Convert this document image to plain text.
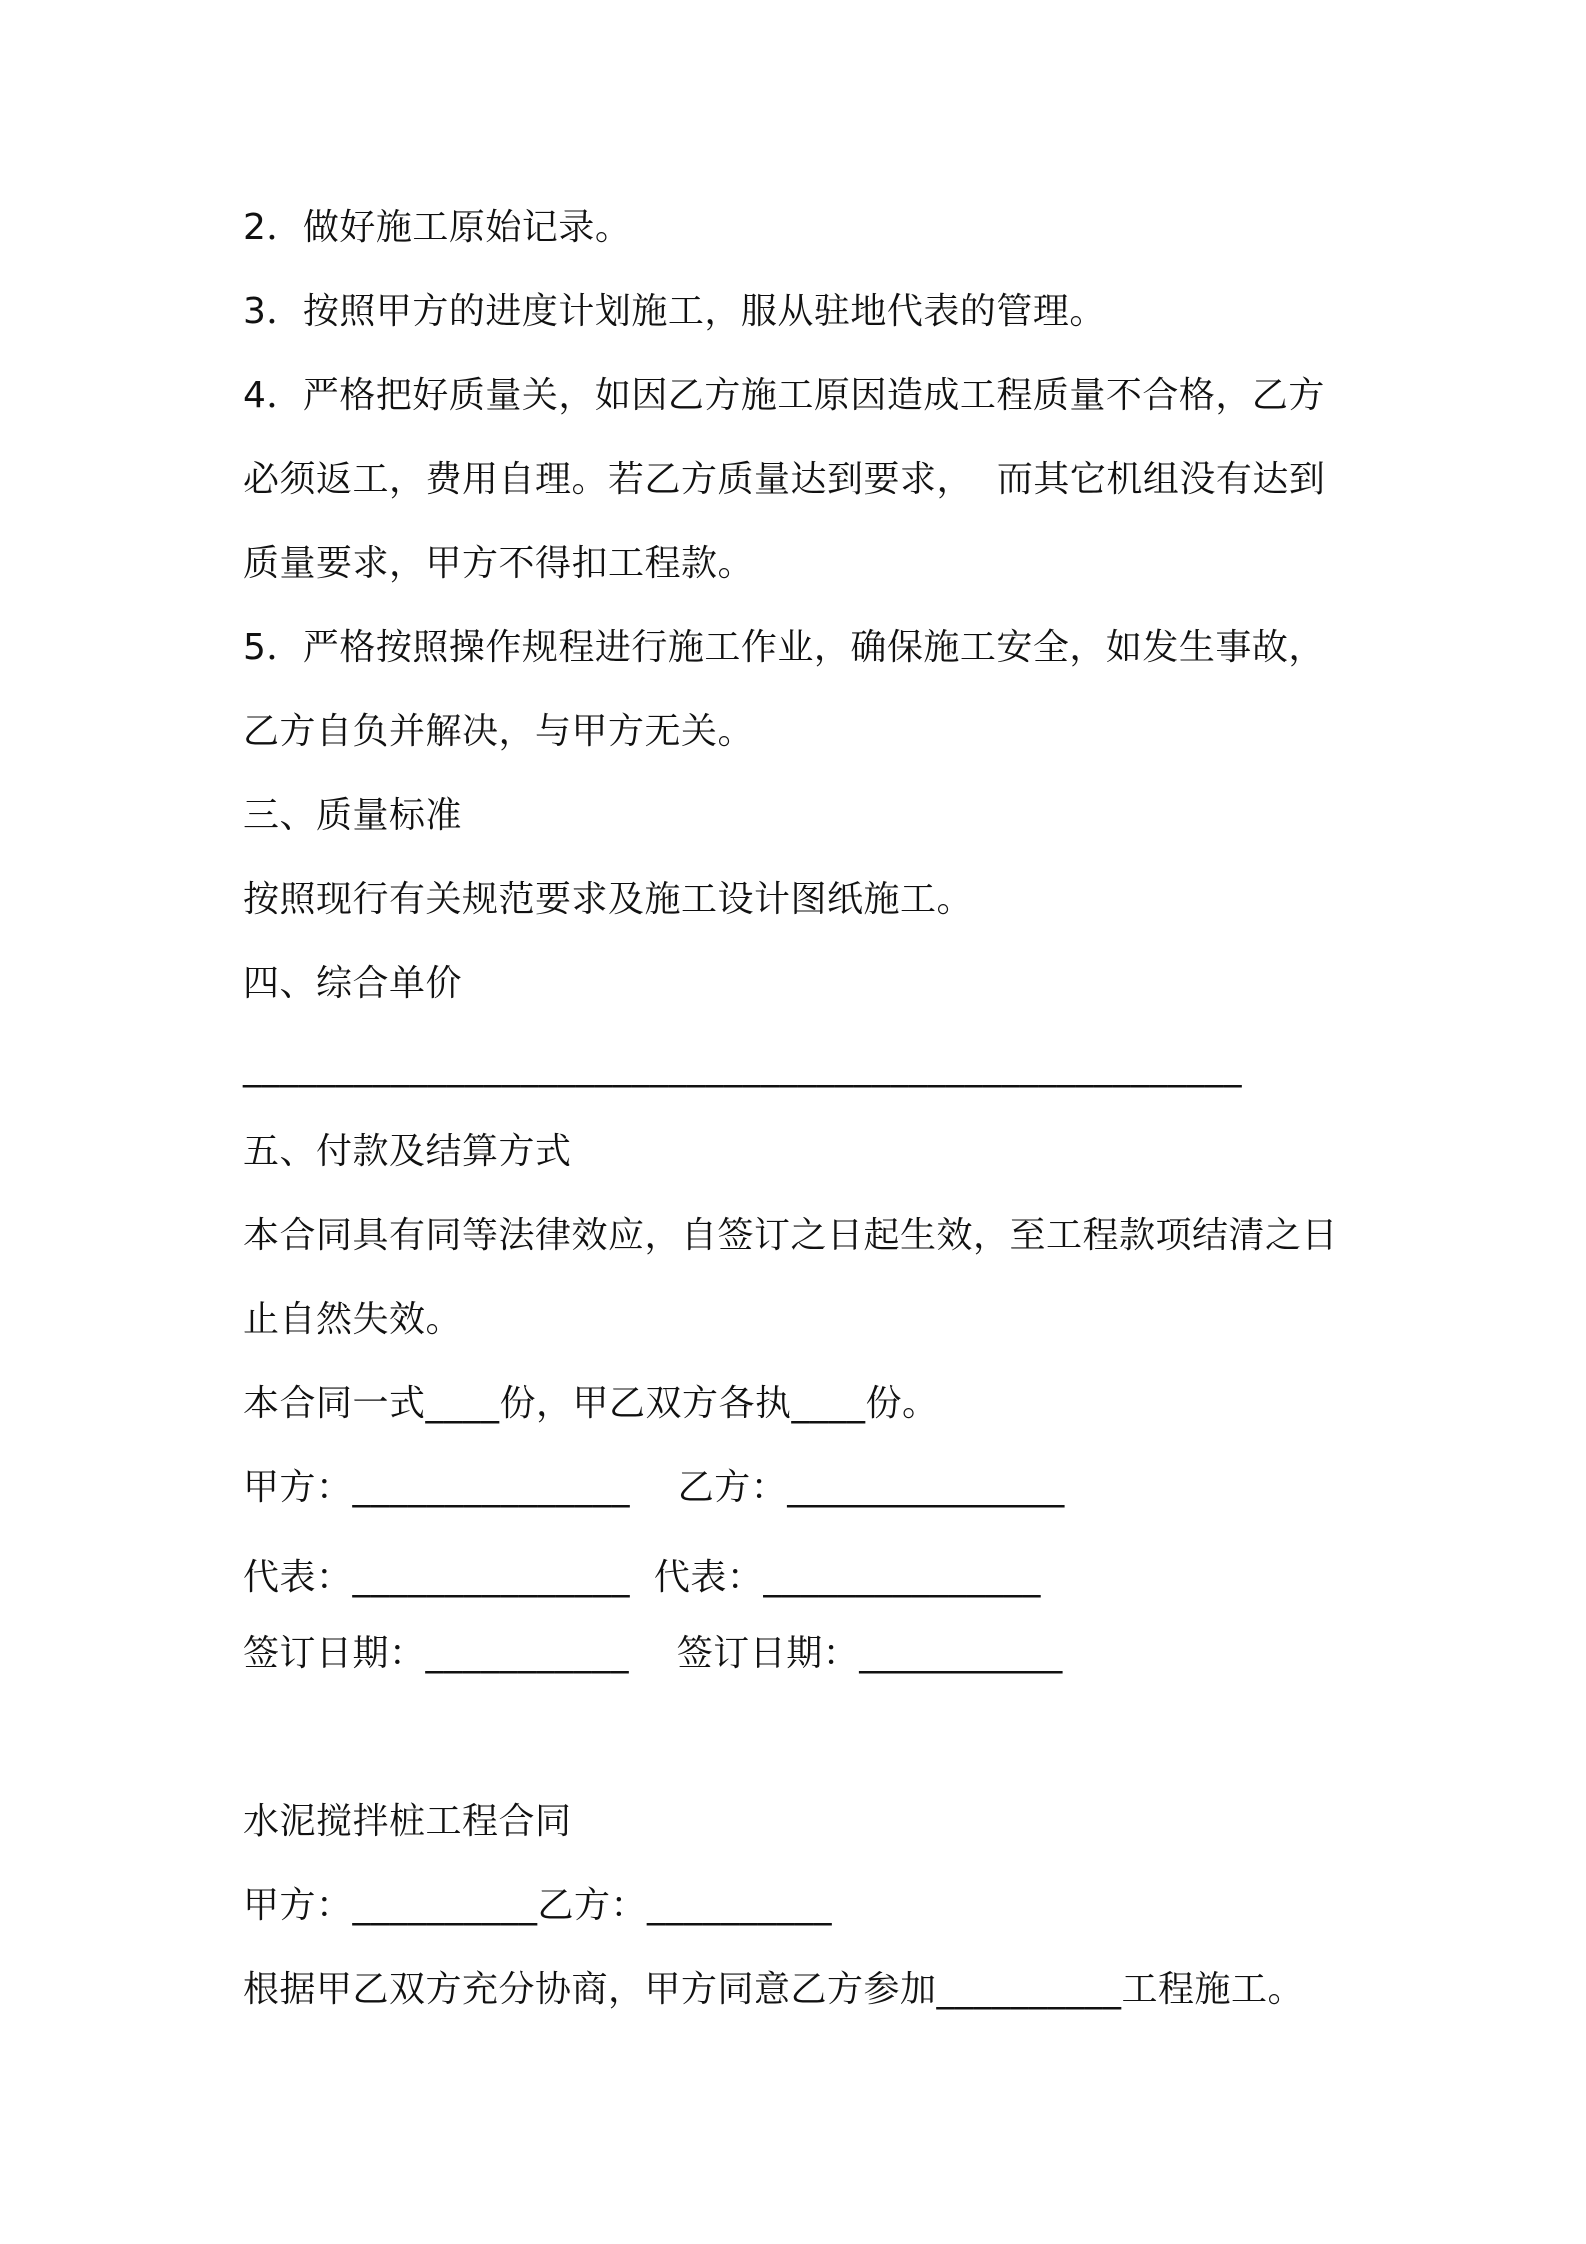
2．做好施工原始记录。
3．按照甲方的进度计划施工，服从驻地代表的管理。
4．严格把好质量关，如因乙方施工原因造成工程质量不合格，乙方
必须返工，费用自理。若乙方质量达到要求，  而其它机组没有达到
质量要求，甲方不得扣工程款。
5．严格按照操作规程进行施工作业，确保施工安全，如发生事故，
乙方自负并解决，与甲方无关。
三、质量标准
按照现行有关规范要求及施工设计图纸施工。
四、综合单价
______________________________________________________
五、付款及结算方式
本合同具有同等法律效应，自签订之日起生效，至工程款项结清之日
止自然失效。
本合同一式____份，甲乙双方各执____份。
甲方：_______________    乙方：_______________
代表：_______________  代表：_______________
签订日期：___________    签订日期：___________
水泥搅拌桩工程合同
甲方：__________乙方：__________
根据甲乙双方充分协商，甲方同意乙方参加__________工程施工。
